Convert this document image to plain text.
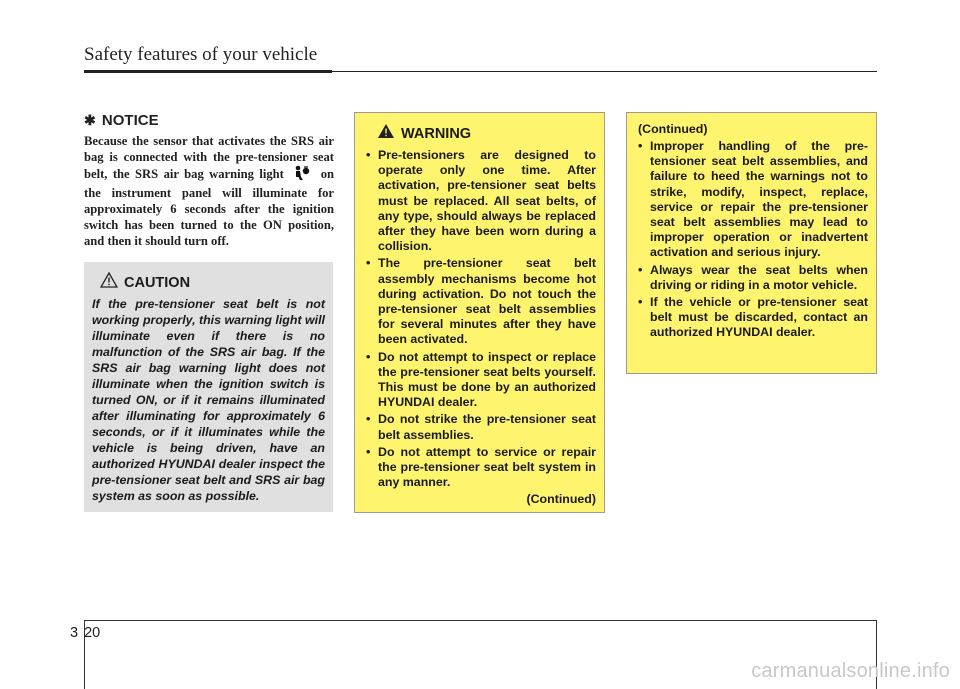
Safety features of your vehicle
✱ NOTICE

Because the sensor that activates the SRS air bag is connected with the pre-tensioner seat belt, the SRS air bag warning light	on the instrument panel will illuminate for approximately 6 seconds after the ignition switch has been turned to the ON position, and then it should turn off.

CAUTION

If the pre-tensioner seat belt is not working properly, this warning light will illuminate even if there is no malfunction of the SRS air bag. If the SRS air bag warning light does not illuminate when the ignition switch is turned ON, or if it remains illuminated after illuminating for approximately 6 seconds, or if it illuminates while the vehicle is being driven, have an authorized HYUNDAI dealer inspect the pre-tensioner seat belt and SRS air bag system as soon as possible.

WARNING
• Pre-tensioners are designed to operate only one time. After activation, pre-tensioner seat belts must be replaced. All seat belts, of any type, should always be replaced after they have been worn during a collision.
• The pre-tensioner seat belt assembly mechanisms become hot during activation. Do not touch the pre-tensioner seat belt assemblies for several minutes after they have been activated.
• Do not attempt to inspect or replace the pre-tensioner seat belts yourself. This must be done by an authorized HYUNDAI dealer.
• Do not strike the pre-tensioner seat belt assemblies.
• Do not attempt to service or repair the pre-tensioner seat belt system in any manner.
(Continued)
(Continued)
• Improper handling of the pre-tensioner seat belt assemblies, and failure to heed the warnings not to strike, modify, inspect, replace, service or repair the pre-tensioner seat belt assemblies may lead to improper operation or inadvertent activation and serious injury.
• Always wear the seat belts when driving or riding in a motor vehicle.
• If the vehicle or pre-tensioner seat belt must be discarded, contact an authorized HYUNDAI dealer.
3 20
carmanualsonline.info
